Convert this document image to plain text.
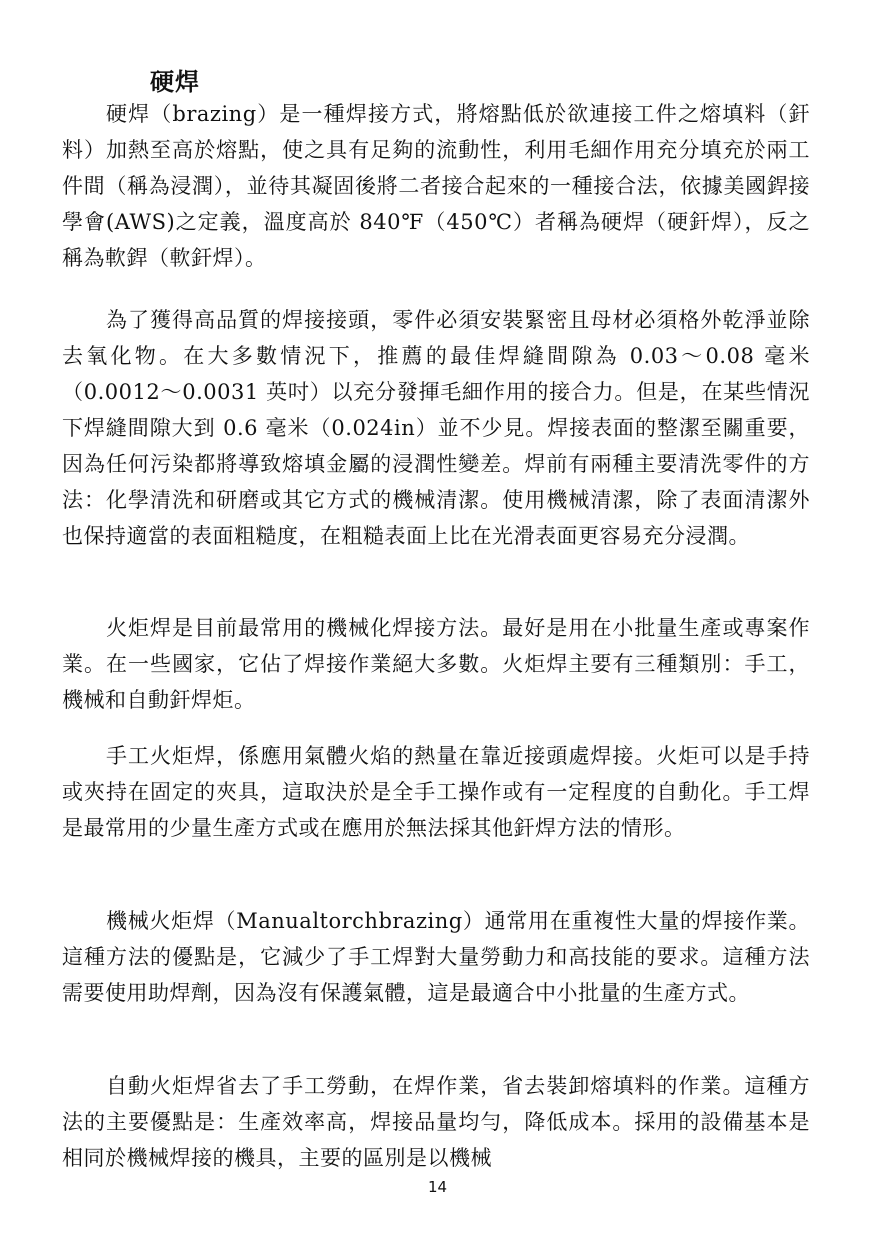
硬焊

硬焊（brazing）是一種焊接方式，將熔點低於欲連接工件之熔填料（釬料）加熱至高於熔點，使之具有足夠的流動性，利用毛細作用充分填充於兩工件間（稱為浸潤），並待其凝固後將二者接合起來的一種接合法，依據美國銲接學會(AWS)之定義，溫度高於 840℉（450℃）者稱為硬焊（硬釬焊），反之稱為軟銲（軟釬焊）。

為了獲得高品質的焊接接頭，零件必須安裝緊密且母材必須格外乾淨並除去氧化物。在大多數情況下，推薦的最佳焊縫間隙為 0.03～0.08 毫米（0.0012～0.0031 英吋）以充分發揮毛細作用的接合力。但是，在某些情況下焊縫間隙大到 0.6 毫米（0.024in）並不少見。焊接表面的整潔至關重要，因為任何污染都將導致熔填金屬的浸潤性變差。焊前有兩種主要清洗零件的方法：化學清洗和研磨或其它方式的機械清潔。使用機械清潔，除了表面清潔外也保持適當的表面粗糙度，在粗糙表面上比在光滑表面更容易充分浸潤。

火炬焊是目前最常用的機械化焊接方法。最好是用在小批量生產或專案作業。在一些國家，它佔了焊接作業絕大多數。火炬焊主要有三種類別：手工，機械和自動釬焊炬。

手工火炬焊，係應用氣體火焰的熱量在靠近接頭處焊接。火炬可以是手持或夾持在固定的夾具，這取決於是全手工操作或有一定程度的自動化。手工焊是最常用的少量生產方式或在應用於無法採其他釬焊方法的情形。

機械火炬焊（Manualtorchbrazing）通常用在重複性大量的焊接作業。這種方法的優點是，它減少了手工焊對大量勞動力和高技能的要求。這種方法需要使用助焊劑，因為沒有保護氣體，這是最適合中小批量的生產方式。

自動火炬焊省去了手工勞動，在焊作業，省去裝卸熔填料的作業。這種方法的主要優點是：生產效率高，焊接品量均勻，降低成本。採用的設備基本是相同於機械焊接的機具，主要的區別是以機械

14
